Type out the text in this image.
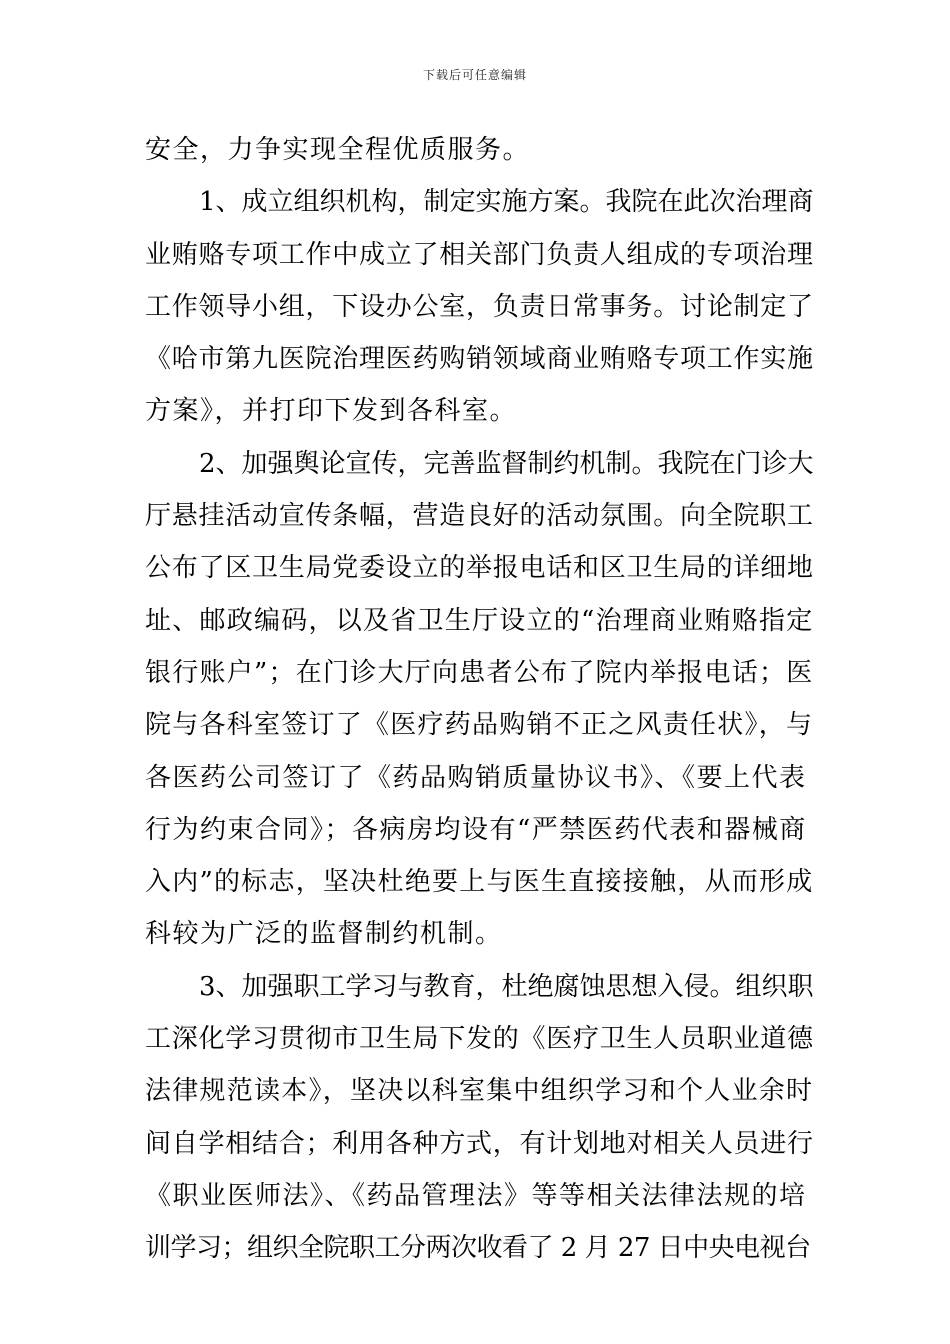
下载后可任意编辑
安全，力争实现全程优质服务。
1、成立组织机构，制定实施方案。我院在此次治理商
业贿赂专项工作中成立了相关部门负责人组成的专项治理
工作领导小组，下设办公室，负责日常事务。讨论制定了
《哈市第九医院治理医药购销领域商业贿赂专项工作实施
方案》，并打印下发到各科室。
2、加强舆论宣传，完善监督制约机制。我院在门诊大
厅悬挂活动宣传条幅，营造良好的活动氛围。向全院职工
公布了区卫生局党委设立的举报电话和区卫生局的详细地
址、邮政编码，以及省卫生厅设立的“治理商业贿赂指定
银行账户”；在门诊大厅向患者公布了院内举报电话；医
院与各科室签订了《医疗药品购销不正之风责任状》，与
各医药公司签订了《药品购销质量协议书》、《要上代表
行为约束合同》；各病房均设有“严禁医药代表和器械商
入内”的标志，坚决杜绝要上与医生直接接触，从而形成
科较为广泛的监督制约机制。
3、加强职工学习与教育，杜绝腐蚀思想入侵。组织职
工深化学习贯彻市卫生局下发的《医疗卫生人员职业道德
法律规范读本》，坚决以科室集中组织学习和个人业余时
间自学相结合；利用各种方式，有计划地对相关人员进行
《职业医师法》、《药品管理法》等等相关法律法规的培
训学习；组织全院职工分两次收看了 2 月 27 日中央电视台
